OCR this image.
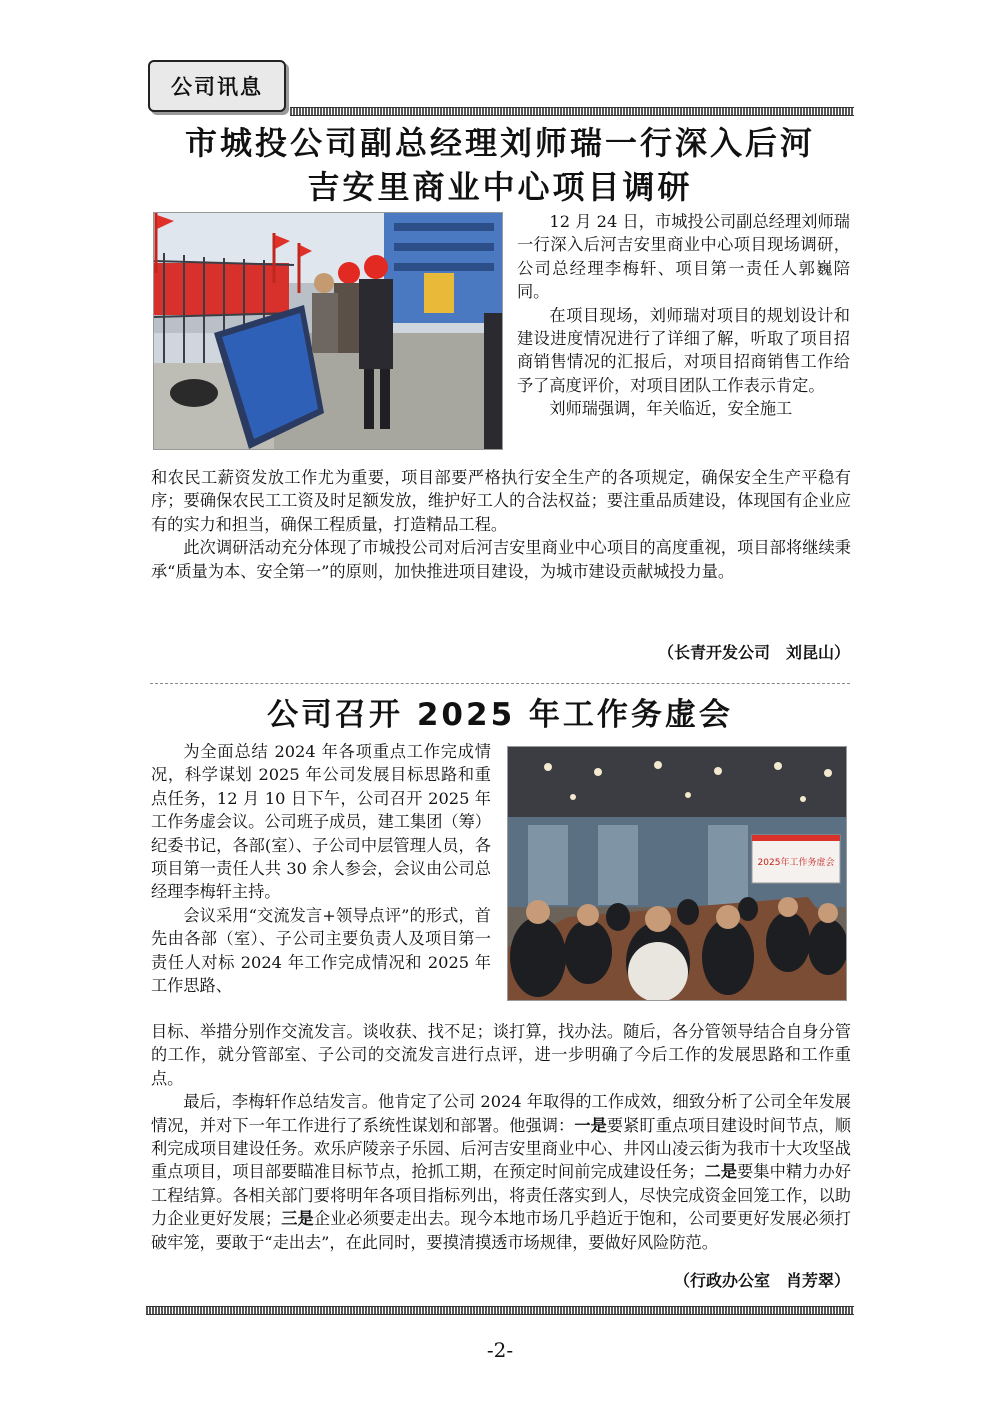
公司讯息
市城投公司副总经理刘师瑞一行深入后河
吉安里商业中心项目调研

12 月 24 日，市城投公司副总经理刘师瑞一行深入后河吉安里商业中心项目现场调研，公司总经理李梅轩、项目第一责任人郭巍陪同。

在项目现场，刘师瑞对项目的规划设计和建设进度情况进行了详细了解，听取了项目招商销售情况的汇报后，对项目招商销售工作给予了高度评价，对项目团队工作表示肯定。

刘师瑞强调，年关临近，安全施工

和农民工薪资发放工作尤为重要，项目部要严格执行安全生产的各项规定，确保安全生产平稳有序；要确保农民工工资及时足额发放，维护好工人的合法权益；要注重品质建设，体现国有企业应有的实力和担当，确保工程质量，打造精品工程。

此次调研活动充分体现了市城投公司对后河吉安里商业中心项目的高度重视，项目部将继续秉承“质量为本、安全第一”的原则，加快推进项目建设，为城市建设贡献城投力量。

（长青开发公司　刘昆山）
公司召开 2025 年工作务虚会

为全面总结 2024 年各项重点工作完成情况，科学谋划 2025 年公司发展目标思路和重点任务，12 月 10 日下午，公司召开 2025 年工作务虚会议。公司班子成员，建工集团（筹）纪委书记，各部(室）、子公司中层管理人员，各项目第一责任人共 30 余人参会，会议由公司总经理李梅轩主持。

会议采用“交流发言+领导点评”的形式，首先由各部（室）、子公司主要负责人及项目第一责任人对标 2024 年工作完成情况和 2025 年工作思路、

2025年工作务虚会

目标、举措分别作交流发言。谈收获、找不足；谈打算，找办法。随后，各分管领导结合自身分管的工作，就分管部室、子公司的交流发言进行点评，进一步明确了今后工作的发展思路和工作重点。

最后，李梅轩作总结发言。他肯定了公司 2024 年取得的工作成效，细致分析了公司全年发展情况，并对下一年工作进行了系统性谋划和部署。他强调：一是要紧盯重点项目建设时间节点，顺利完成项目建设任务。欢乐庐陵亲子乐园、后河吉安里商业中心、井冈山凌云街为我市十大攻坚战重点项目，项目部要瞄准目标节点，抢抓工期，在预定时间前完成建设任务；二是要集中精力办好工程结算。各相关部门要将明年各项目指标列出，将责任落实到人，尽快完成资金回笼工作，以助力企业更好发展；三是企业必须要走出去。现今本地市场几乎趋近于饱和，公司要更好发展必须打破牢笼，要敢于“走出去”，在此同时，要摸清摸透市场规律，要做好风险防范。

（行政办公室　肖芳翠）
-2-
